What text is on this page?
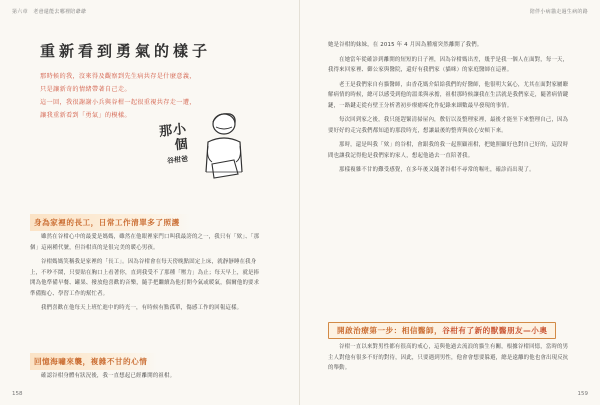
第六章　老爸還能去哪裡陪爺爺
重新看到勇氣的樣子

那時候的我，沒來得及觀察到先生病共存是什麼意義，

只是讓新奇的情緒帶著自己走。

這一回，我很謝謝小兵與谷柑一起很重視共存走一遭，

讓我重新看到「勇氣」的模樣。

那小個
谷柑爸
身為家裡的長工，日常工作清單多了照護

雖然在谷柑心中的最愛是媽媽，雖然在他眼裡家門口叫我最誇的之一，我只有「欸」、「那個」這兩種代號，但谷柑真的是很完美的暖心男孩。

谷柑媽媽笑稱我是家裡的「長工」。因為谷柑會在每天傍晚點固定上床，就靜靜睡在我身上，不吵不鬧，只要貼在胸口上看著你，直到我受不了那種「壓力」為止；每天早上，就是捧開為他準備早餐、罐果、撥放他喜歡的音樂，隨手把繼續為他打開今氣或暖氣，偶爾他的要求準備點心、學習工作的幫忙者。

我們喜歡在他每天上班忙進中的時光一，有時候有點孤單，傷感工作的回報這樣。

回憶海嘯來襲，複雜不甘的心情

確認谷柑身體有狀況後，我一直想起已經離開的祖柑。

158
陪伴小病貓走過生病的路

她是谷柑的妹妹，在 2015 年 4 月因為腫瘤突然離開了我們。

在她當年從確診到離開的短短的日子裡，因為谷柑媽出差，幾乎是我一個人在面對，每一天，我得來回家裡、御公家與醫院，還好有我們家（貓咪）的家庭醫師在這裡。

老王是我們家自有貓醫師，由香花媽介紹給我們的好醫師，他很明大氣心，尤其在面對家屬瞭解病情的時候，總可以感受到他的溫柔與承擔，祖柑那時候讓我在生活就是我們家走，隨著病情鍵鏈，一路鍵走從有壁王分析著初步療癒疼化作紀錄來細數最早發現的事情。

每次回到家之後，我只能趕緊清掃屋內，敷衍以及整理家裡，最後才能坐下來整理自己，因為要好好的走完我們都知道的那段時光，想讓最後的整齊與放心安頓下來。

那時，還是叫我「欸」的谷柑，會跟我的我一起照顧祖柑，把她照顧好也對自己好的，這段時間也讓我記得他是我們家的家人，想起他過去一直陪著我。

那樣複雜不甘的難受感覺，在多年後又隨著谷柑不尋常的嘔吐，確診而出現了。

開啟治療第一步：相信醫師，谷柑有了新的獸醫朋友—小奧

谷柑一直以來對男性都有很高的戒心，這與他過去流浪的貓生有關，根據谷柑回憶，當時的男主人對他有很多不好的對待，因此，只要遇到男性，他會會想要躲避，總是遠離的他也會出現反抗的舉動。

159
